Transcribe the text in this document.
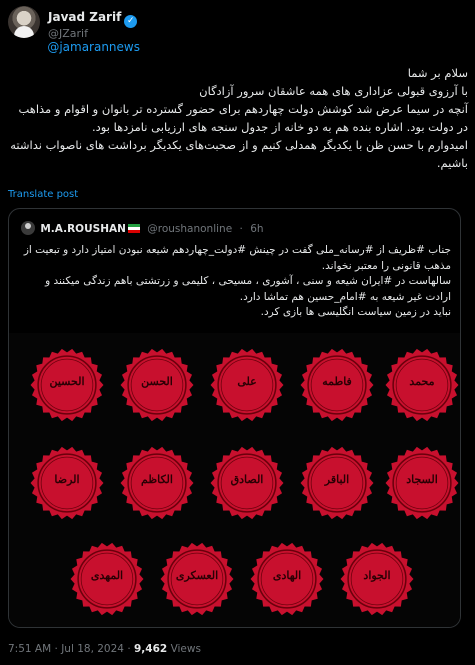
Javad Zarif ✓
@JZarif
@jamarannews

سلام بر شما

با آرزوی قبولی عزاداری های همه عاشقان سرور آزادگان

آنچه در سیما عرض شد کوشش دولت چهاردهم برای حضور گسترده تر بانوان و اقوام و مذاهب در دولت بود. اشاره بنده هم به دو خانه از جدول سنجه های ارزیابی نامزدها بود.

امیدوارم با حسن ظن با یکدیگر همدلی کنیم و از صحبت‌های یکدیگر برداشت های ناصواب نداشته باشیم.

Translate post
M.A.ROUSHAN @roushanonline · 6h

جناب #ظریف از #رسانه_ملی گفت در چینش #دولت_چهاردهم شیعه نبودن امتیاز دارد و تبعیت از مذهب قانونی را معتبر نخواند.

سالهاست در #ایران شیعه و سنی ، آشوری ، مسیحی ، کلیمی و زرتشتی باهم زندگی میکنند و ارادت غیر شیعه به #امام_حسین هم تماشا دارد.

نباید در زمین سیاست انگلیسی ها بازی کرد.

محمد
فاطمه
علی
الحسن
الحسین
السجاد
الباقر
الصادق
الکاظم
الرضا
الجواد
الهادی
العسکری
المهدی
7:51 AM · Jul 18, 2024 · 9,462 Views
